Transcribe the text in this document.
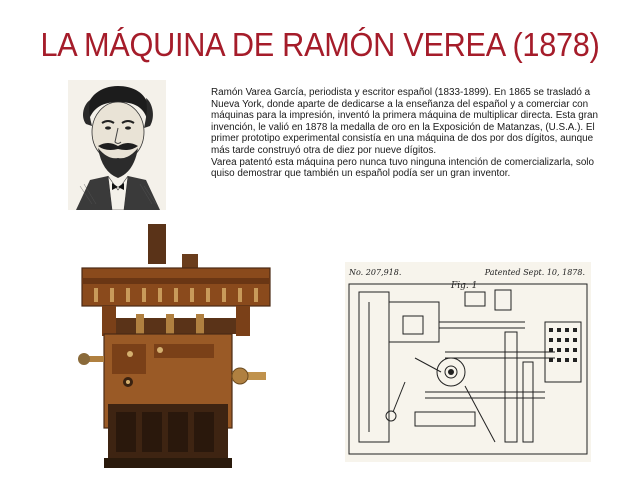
LA MÁQUINA DE RAMÓN VEREA (1878)

Ramón Varea García, periodista y escritor español (1833-1899). En 1865 se trasladó a Nueva York, donde aparte de dedicarse a la enseñanza del español y a comerciar con máquinas para la impresión, inventó la primera máquina de multiplicar directa. Esta gran invención, le valió en 1878 la medalla de oro en la Exposición de Matanzas, (U.S.A.). El primer prototipo experimental consistía en una máquina de dos por dos dígitos, aunque más tarde construyó otra de diez por nueve dígitos.

Varea patentó esta máquina pero nunca tuvo ninguna intención de comercializarla, solo quiso demostrar que también un español podía ser un gran inventor.

No. 207,918.	Patented Sept. 10, 1878.
Fig. 1
